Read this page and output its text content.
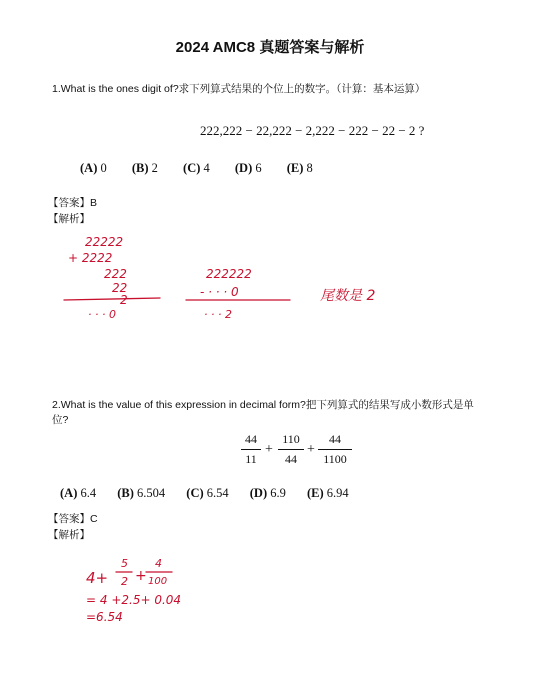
2024 AMC8 真题答案与解析
1.What is the ones digit of?求下列算式结果的个位上的数字。（计算：基本运算）
222,222 − 22,222 − 2,222 − 222 − 22 − 2 ?
(A) 0 (B) 2 (C) 4 (D) 6 (E) 8
【答案】B
【解析】
22222
+ 2222
222
22
2
· · · 0
222222
- · · · 0
· · · 2
尾数是 2
2.What is the value of this expression in decimal form?把下列算式的结果写成小数形式是单
位?
44
11
+
110
44
+
44
1100
(A) 6.4 (B) 6.504 (C) 6.54 (D) 6.9 (E) 6.94
【答案】C
【解析】
4+
5
2 +
4
100
= 4 +2.5+ 0.04
=6.54
